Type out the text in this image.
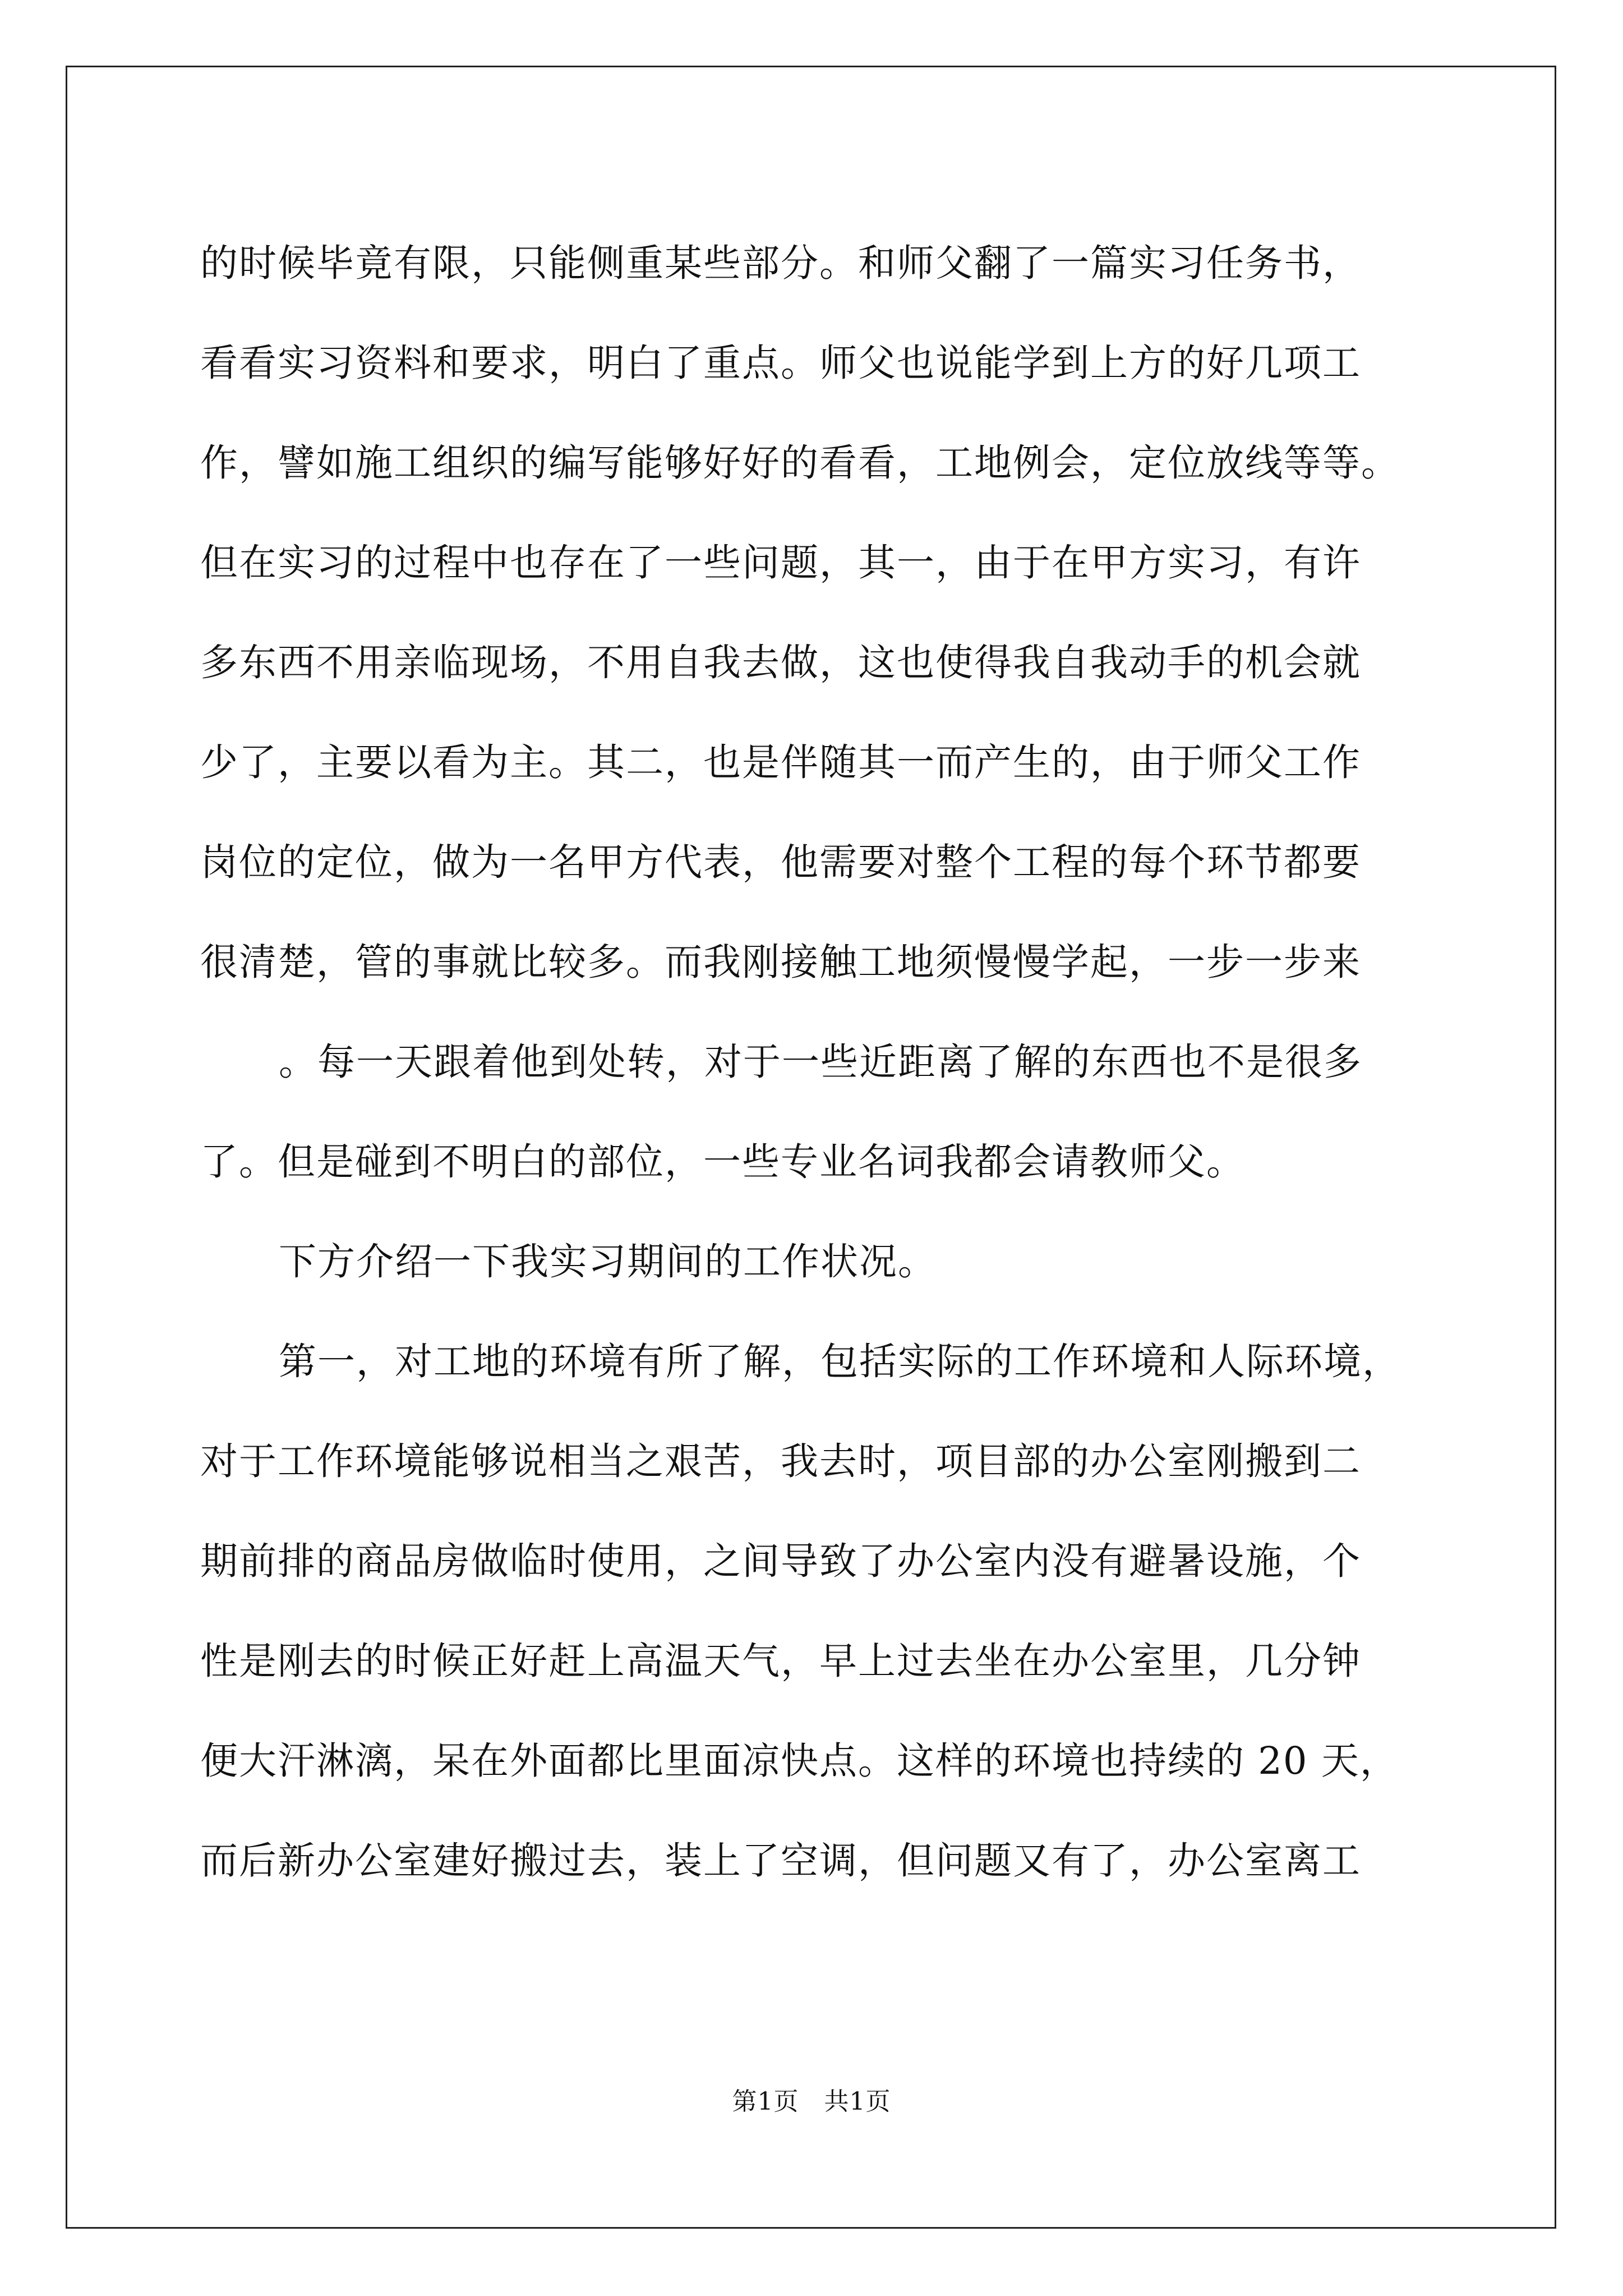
的时候毕竟有限，只能侧重某些部分。和师父翻了一篇实习任务书，
看看实习资料和要求，明白了重点。师父也说能学到上方的好几项工
作，譬如施工组织的编写能够好好的看看，工地例会，定位放线等等。
但在实习的过程中也存在了一些问题，其一，由于在甲方实习，有许
多东西不用亲临现场，不用自我去做，这也使得我自我动手的机会就
少了，主要以看为主。其二，也是伴随其一而产生的，由于师父工作
岗位的定位，做为一名甲方代表，他需要对整个工程的每个环节都要
很清楚，管的事就比较多。而我刚接触工地须慢慢学起，一步一步来
。每一天跟着他到处转，对于一些近距离了解的东西也不是很多
了。但是碰到不明白的部位，一些专业名词我都会请教师父。
下方介绍一下我实习期间的工作状况。
第一，对工地的环境有所了解，包括实际的工作环境和人际环境，
对于工作环境能够说相当之艰苦，我去时，项目部的办公室刚搬到二
期前排的商品房做临时使用，之间导致了办公室内没有避暑设施，个
性是刚去的时候正好赶上高温天气，早上过去坐在办公室里，几分钟
便大汗淋漓，呆在外面都比里面凉快点。这样的环境也持续的 20 天，
而后新办公室建好搬过去，装上了空调，但问题又有了，办公室离工
第1页　共1页
